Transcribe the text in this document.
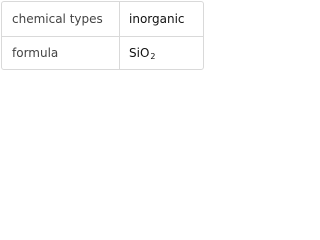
chemical types inorganic
formula	SiO 2
